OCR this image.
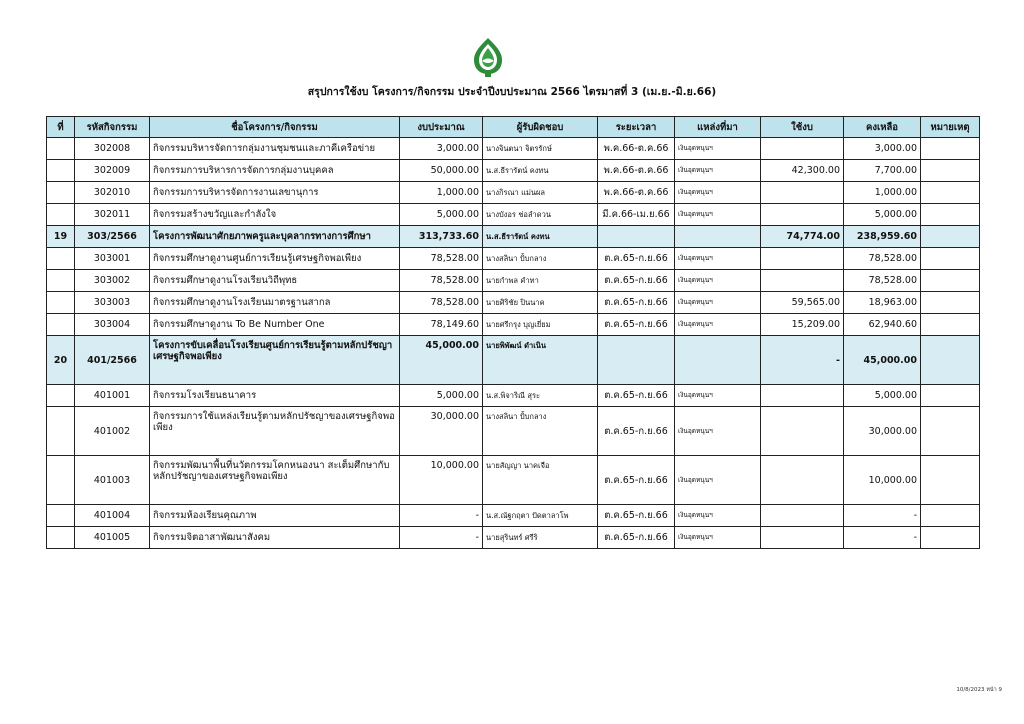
สรุปการใช้งบ โครงการ/กิจกรรม ประจำปีงบประมาณ 2566 ไตรมาสที่ 3 (เม.ย.-มิ.ย.66)
ที่	รหัสกิจกรรม	ชื่อโครงการ/กิจกรรม	งบประมาณ	ผู้รับผิดชอบ	ระยะเวลา	แหล่งที่มา	ใช้งบ	คงเหลือ	หมายเหตุ
	302008	กิจกรรมบริหารจัดการกลุ่มงานชุมชนและภาคีเครือข่าย	3,000.00	นางจินตนา จิตรรักษ์	พ.ค.66-ต.ค.66	เงินอุดหนุนฯ		3,000.00	
	302009	กิจกรรมการบริหารการจัดการกลุ่มงานบุคคล	50,000.00	น.ส.ธีรารัตน์ คงทน	พ.ค.66-ต.ค.66	เงินอุดหนุนฯ	42,300.00	7,700.00	
	302010	กิจกรรมการบริหารจัดการงานเลขานุการ	1,000.00	นางกิรณา แม่นผล	พ.ค.66-ต.ค.66	เงินอุดหนุนฯ		1,000.00	
	302011	กิจกรรมสร้างขวัญและกำลังใจ	5,000.00	นางบังอร ช่อลำดวน	มี.ค.66-เม.ย.66	เงินอุดหนุนฯ		5,000.00	
19	303/2566	โครงการพัฒนาศักยภาพครูและบุคลากรทางการศึกษา	313,733.60	น.ส.ธีรารัตน์ คงทน			74,774.00	238,959.60	
	303001	กิจกรรมศึกษาดูงานศูนย์การเรียนรู้เศรษฐกิจพอเพียง	78,528.00	นางสลินา ปั้บกลาง	ต.ค.65-ก.ย.66	เงินอุดหนุนฯ		78,528.00	
	303002	กิจกรรมศึกษาดูงานโรงเรียนวิถีพุทธ	78,528.00	นายกำพล คำทา	ต.ค.65-ก.ย.66	เงินอุดหนุนฯ		78,528.00	
	303003	กิจกรรมศึกษาดูงานโรงเรียนมาตรฐานสากล	78,528.00	นายศิริชัย ปินนาค	ต.ค.65-ก.ย.66	เงินอุดหนุนฯ	59,565.00	18,963.00	
	303004	กิจกรรมศึกษาดูงาน To Be Number One	78,149.60	นายศรีกรุง บุญเยี่ยม	ต.ค.65-ก.ย.66	เงินอุดหนุนฯ	15,209.00	62,940.60	
20	401/2566	โครงการขับเคลื่อนโรงเรียนศูนย์การเรียนรู้ตามหลักปรัชญาเศรษฐกิจพอเพียง	45,000.00	นายพิพัฒน์ ดำเนิน			-	45,000.00	
	401001	กิจกรรมโรงเรียนธนาคาร	5,000.00	น.ส.พิจาริณี สุระ	ต.ค.65-ก.ย.66	เงินอุดหนุนฯ		5,000.00	
	401002	กิจกรรมการใช้แหล่งเรียนรู้ตามหลักปรัชญาของเศรษฐกิจพอเพียง	30,000.00	นางสลินา ปั้บกลาง	ต.ค.65-ก.ย.66	เงินอุดหนุนฯ		30,000.00	
	401003	กิจกรรมพัฒนาพื้นที่นวัตกรรมโคกหนองนา สะเต็มศึกษากับหลักปรัชญาของเศรษฐกิจพอเพียง	10,000.00	นายสัญญา นาคเจือ	ต.ค.65-ก.ย.66	เงินอุดหนุนฯ		10,000.00	
	401004	กิจกรรมห้องเรียนคุณภาพ	-	น.ส.ณัฐกฤตา ปัดตาลาโพ	ต.ค.65-ก.ย.66	เงินอุดหนุนฯ		-	
	401005	กิจกรรมจิตอาสาพัฒนาสังคม	-	นายสุรินทร์ ศรีริ	ต.ค.65-ก.ย.66	เงินอุดหนุนฯ		-	
10/8/2023 หน้า 9
